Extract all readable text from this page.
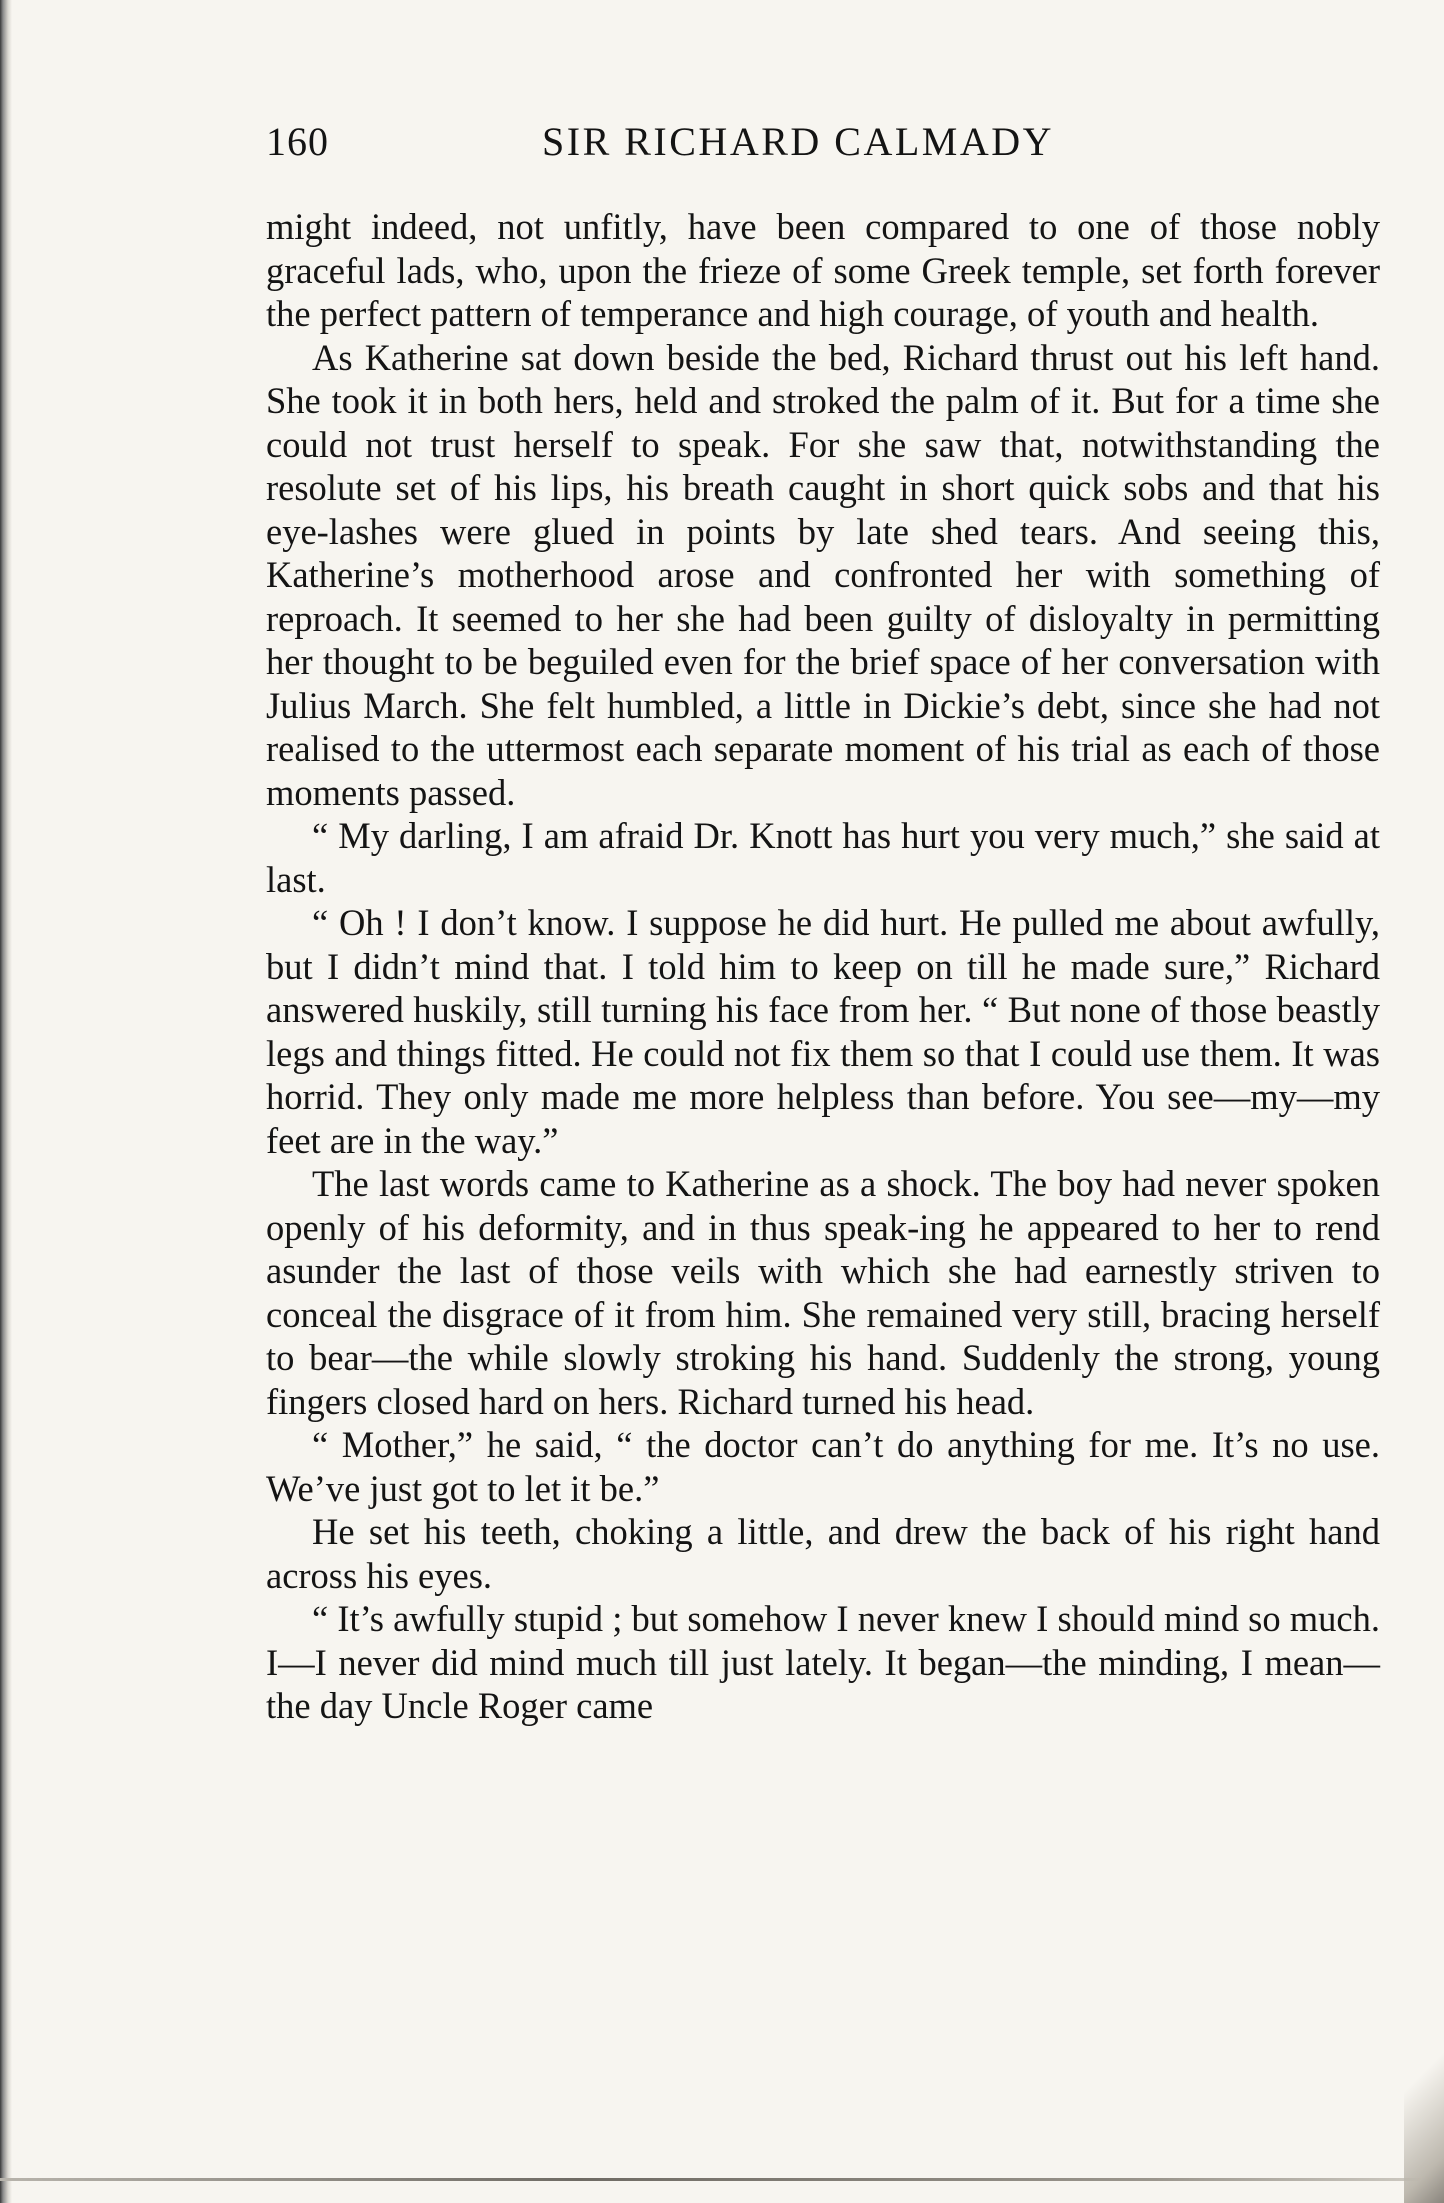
160	SIR RICHARD CALMADY

might indeed, not unfitly, have been compared to one of those nobly graceful lads, who, upon the frieze of some Greek temple, set forth forever the perfect pattern of temperance and high courage, of youth and health.

As Katherine sat down beside the bed, Richard thrust out his left hand. She took it in both hers, held and stroked the palm of it. But for a time she could not trust herself to speak. For she saw that, notwithstanding the resolute set of his lips, his breath caught in short quick sobs and that his eye-lashes were glued in points by late shed tears. And seeing this, Katherine’s motherhood arose and confronted her with something of reproach. It seemed to her she had been guilty of disloyalty in permitting her thought to be beguiled even for the brief space of her conversation with Julius March. She felt humbled, a little in Dickie’s debt, since she had not realised to the uttermost each separate moment of his trial as each of those moments passed.

“ My darling, I am afraid Dr. Knott has hurt you very much,” she said at last.

“ Oh ! I don’t know. I suppose he did hurt. He pulled me about awfully, but I didn’t mind that. I told him to keep on till he made sure,” Richard answered huskily, still turning his face from her. “ But none of those beastly legs and things fitted. He could not fix them so that I could use them. It was horrid. They only made me more helpless than before. You see—my—my feet are in the way.”

The last words came to Katherine as a shock. The boy had never spoken openly of his deformity, and in thus speak-ing he appeared to her to rend asunder the last of those veils with which she had earnestly striven to conceal the disgrace of it from him. She remained very still, bracing herself to bear—the while slowly stroking his hand. Suddenly the strong, young fingers closed hard on hers. Richard turned his head.

“ Mother,” he said, “ the doctor can’t do anything for me. It’s no use. We’ve just got to let it be.”

He set his teeth, choking a little, and drew the back of his right hand across his eyes.

“ It’s awfully stupid ; but somehow I never knew I should mind so much. I—I never did mind much till just lately. It began—the minding, I mean—the day Uncle Roger came
